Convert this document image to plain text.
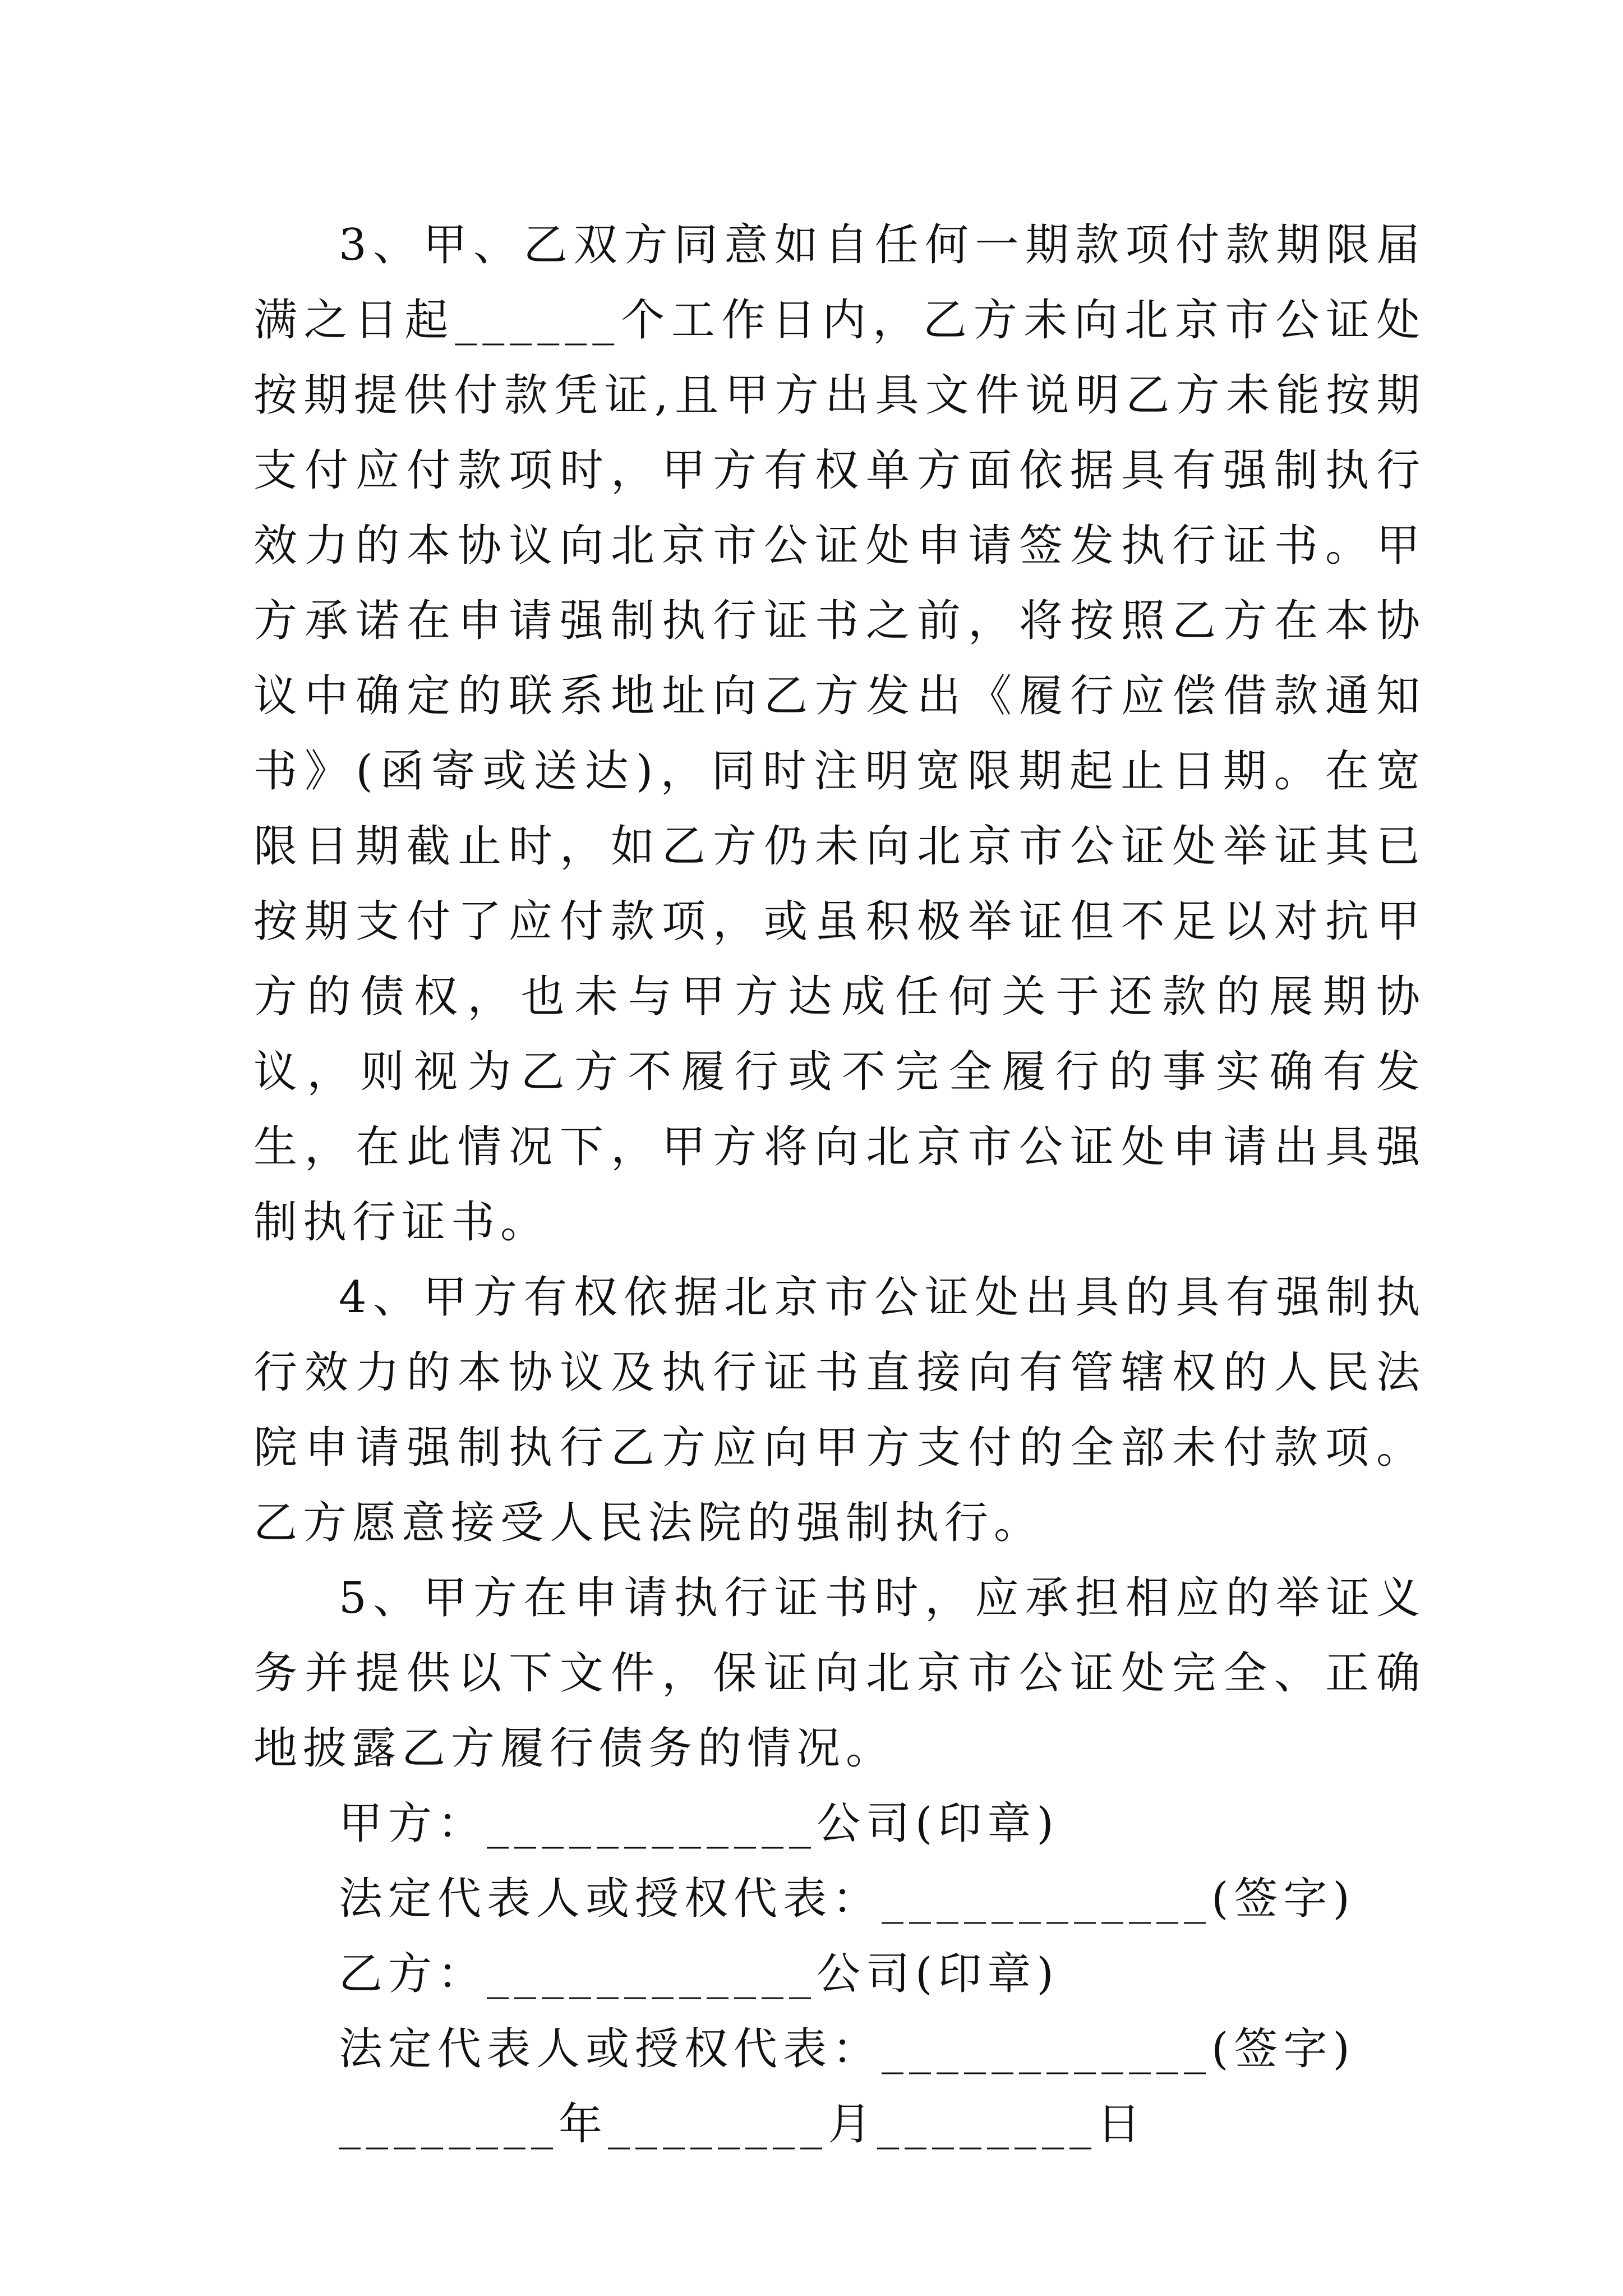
3、甲、乙双方同意如自任何一期款项付款期限届满之日起______个工作日内，乙方未向北京市公证处按期提供付款凭证,且甲方出具文件说明乙方未能按期支付应付款项时，甲方有权单方面依据具有强制执行效力的本协议向北京市公证处申请签发执行证书。甲方承诺在申请强制执行证书之前，将按照乙方在本协议中确定的联系地址向乙方发出《履行应偿借款通知书》(函寄或送达)，同时注明宽限期起止日期。在宽限日期截止时，如乙方仍未向北京市公证处举证其已按期支付了应付款项，或虽积极举证但不足以对抗甲方的债权，也未与甲方达成任何关于还款的展期协议，则视为乙方不履行或不完全履行的事实确有发生，在此情况下，甲方将向北京市公证处申请出具强制执行证书。

4、甲方有权依据北京市公证处出具的具有强制执行效力的本协议及执行证书直接向有管辖权的人民法院申请强制执行乙方应向甲方支付的全部未付款项。乙方愿意接受人民法院的强制执行。

5、甲方在申请执行证书时，应承担相应的举证义务并提供以下文件，保证向北京市公证处完全、正确地披露乙方履行债务的情况。

甲方：____________公司(印章)

法定代表人或授权代表：____________(签字)

乙方：____________公司(印章)

法定代表人或授权代表：____________(签字)

________年________月________日
